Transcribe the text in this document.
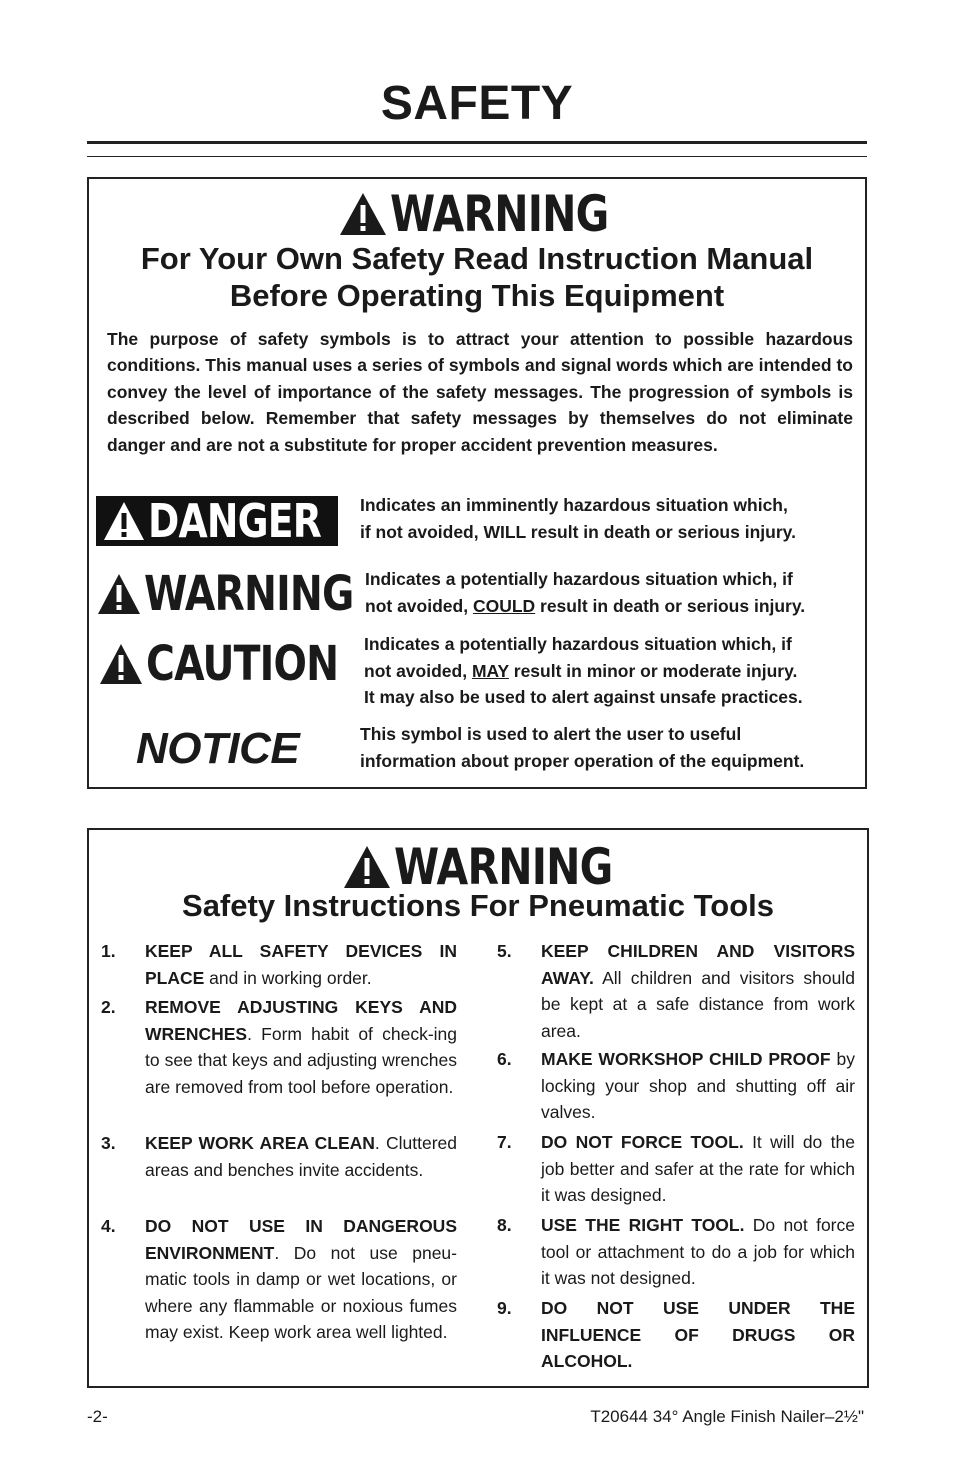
SAFETY
WARNING
For Your Own Safety Read Instruction Manual
Before Operating This Equipment
The purpose of safety symbols is to attract your attention to possible hazardous conditions. This manual uses a series of symbols and signal words which are intended to convey the level of importance of the safety messages. The progression of symbols is described below. Remember that safety messages by themselves do not eliminate danger and are not a substitute for proper accident prevention measures.
DANGER Indicates an imminently hazardous situation which,
if not avoided, WILL result in death or serious injury.
WARNING Indicates a potentially hazardous situation which, if
not avoided, COULD result in death or serious injury.
CAUTION Indicates a potentially hazardous situation which, if
not avoided, MAY result in minor or moderate injury.
It may also be used to alert against unsafe practices.
NOTICE	This symbol is used to alert the user to useful
information about proper operation of the equipment.
WARNING
Safety Instructions For Pneumatic Tools
1. KEEP ALL SAFETY DEVICES IN PLACE and in working order.
2. REMOVE ADJUSTING KEYS AND WRENCHES. Form habit of check-ing to see that keys and adjusting wrenches are removed from tool before operation.
3. KEEP WORK AREA CLEAN. Cluttered areas and benches invite accidents.
4. DO NOT USE IN DANGEROUS ENVIRONMENT. Do not use pneu-matic tools in damp or wet locations, or where any flammable or noxious fumes may exist. Keep work area well lighted.
5. KEEP CHILDREN AND VISITORS AWAY. All children and visitors should be kept at a safe distance from work area.
6. MAKE WORKSHOP CHILD PROOF by locking your shop and shutting off air valves.
7. DO NOT FORCE TOOL. It will do the job better and safer at the rate for which it was designed.
8. USE THE RIGHT TOOL. Do not force tool or attachment to do a job for which it was not designed.
9. DO NOT USE UNDER THE INFLUENCE OF DRUGS OR ALCOHOL.
-2-	T20644 34° Angle Finish Nailer–2½"
